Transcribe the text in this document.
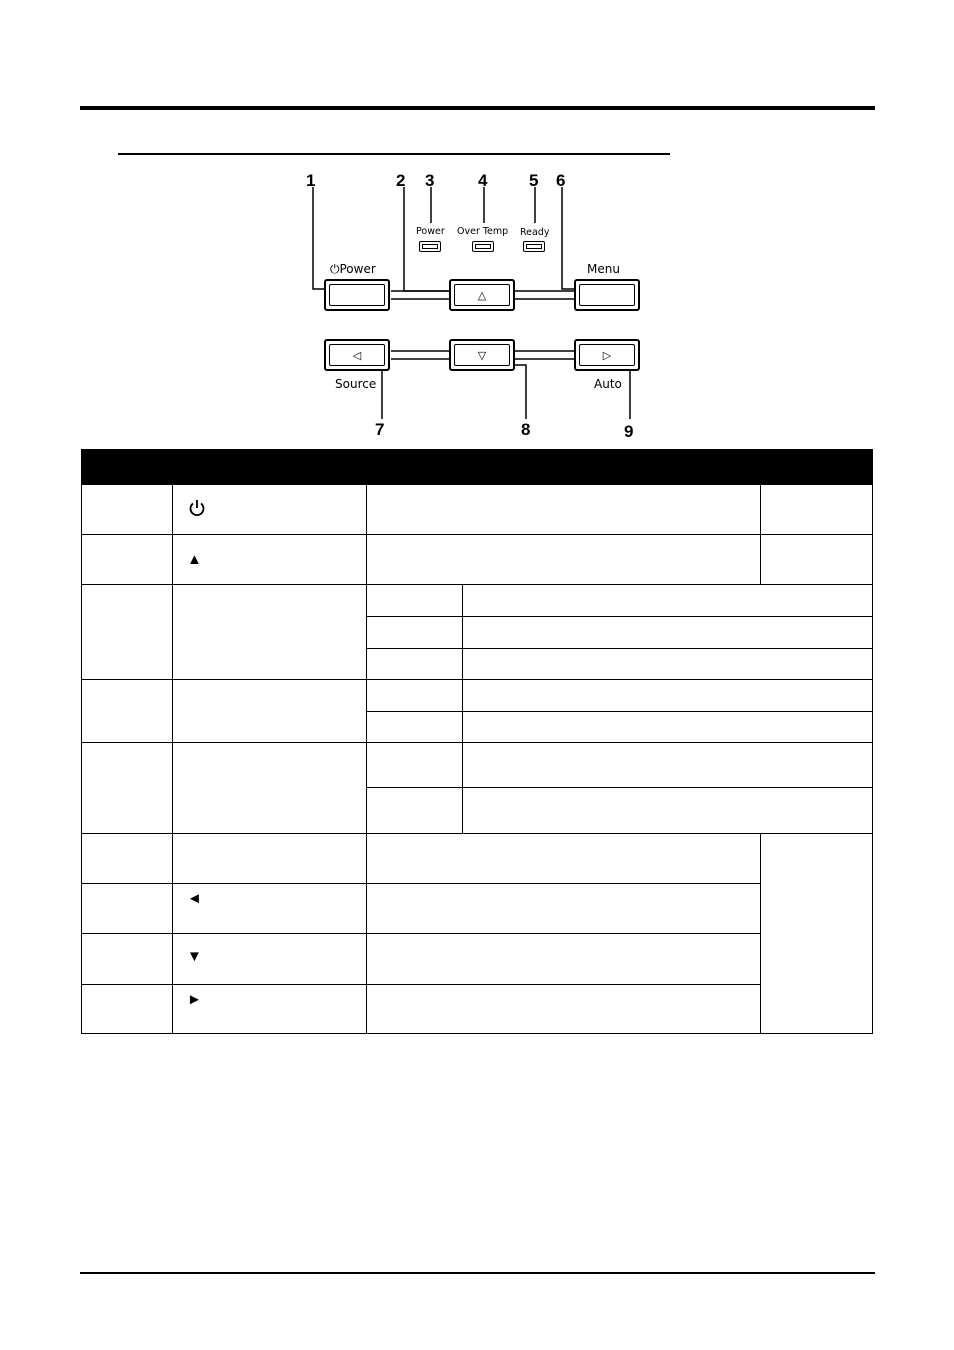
1	2 3	4 5 6
7	8	9
Power Over Temp Ready
⏻Power	Menu
Source	Auto
△
◁	▽	▷

	▲			

	◄			
	▼			
	►			
